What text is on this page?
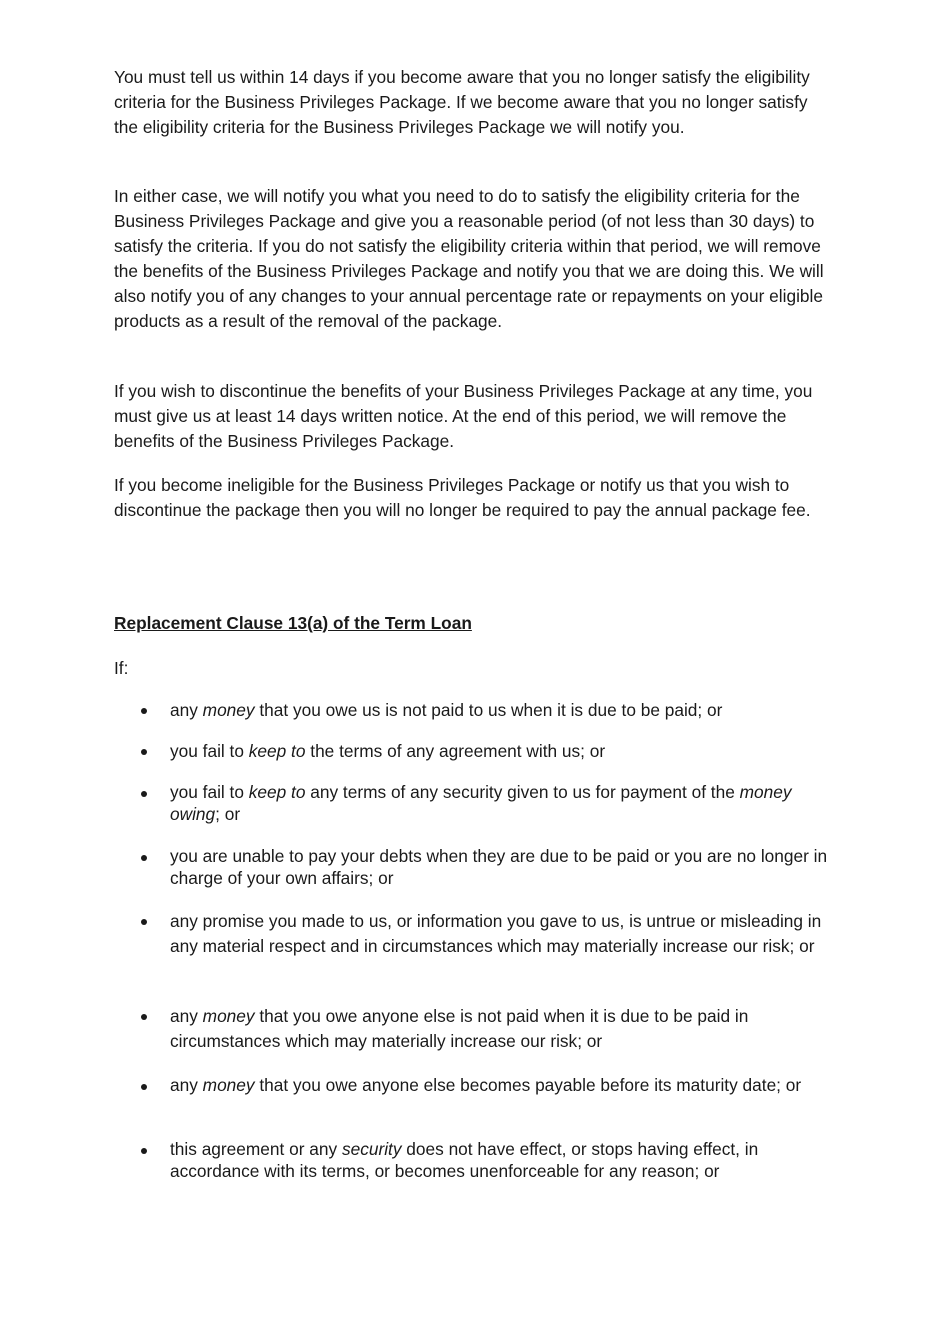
You must tell us within 14 days if you become aware that you no longer satisfy the eligibility criteria for the Business Privileges Package. If we become aware that you no longer satisfy the eligibility criteria for the Business Privileges Package we will notify you.

In either case, we will notify you what you need to do to satisfy the eligibility criteria for the Business Privileges Package and give you a reasonable period (of not less than 30 days) to satisfy the criteria. If you do not satisfy the eligibility criteria within that period, we will remove the benefits of the Business Privileges Package and notify you that we are doing this. We will also notify you of any changes to your annual percentage rate or repayments on your eligible products as a result of the removal of the package.

If you wish to discontinue the benefits of your Business Privileges Package at any time, you must give us at least 14 days written notice. At the end of this period, we will remove the benefits of the Business Privileges Package.

If you become ineligible for the Business Privileges Package or notify us that you wish to discontinue the package then you will no longer be required to pay the annual package fee.

Replacement Clause 13(a) of the Term Loan

If:

any money that you owe us is not paid to us when it is due to be paid; or
you fail to keep to the terms of any agreement with us; or
you fail to keep to any terms of any security given to us for payment of the money owing; or
you are unable to pay your debts when they are due to be paid or you are no longer in charge of your own affairs; or
any promise you made to us, or information you gave to us, is untrue or misleading in any material respect and in circumstances which may materially increase our risk; or
any money that you owe anyone else is not paid when it is due to be paid in circumstances which may materially increase our risk; or
any money that you owe anyone else becomes payable before its maturity date; or
this agreement or any security does not have effect, or stops having effect, in accordance with its terms, or becomes unenforceable for any reason; or
